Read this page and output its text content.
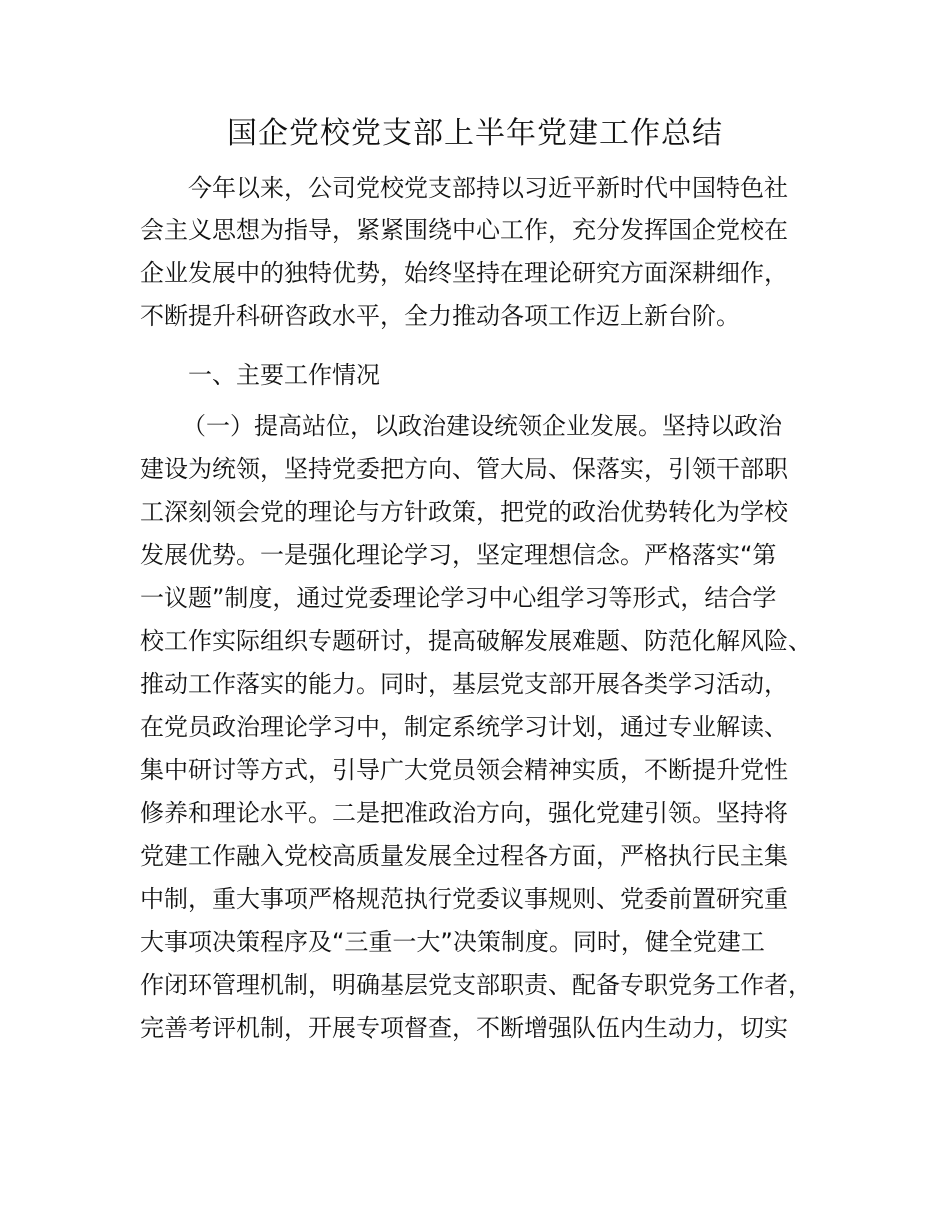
国企党校党支部上半年党建工作总结
今年以来，公司党校党支部持以习近平新时代中国特色社
会主义思想为指导，紧紧围绕中心工作，充分发挥国企党校在
企业发展中的独特优势，始终坚持在理论研究方面深耕细作，
不断提升科研咨政水平，全力推动各项工作迈上新台阶。
一、主要工作情况
（一）提高站位，以政治建设统领企业发展。坚持以政治
建设为统领，坚持党委把方向、管大局、保落实，引领干部职
工深刻领会党的理论与方针政策，把党的政治优势转化为学校
发展优势。一是强化理论学习，坚定理想信念。严格落实“第
一议题”制度，通过党委理论学习中心组学习等形式，结合学
校工作实际组织专题研讨，提高破解发展难题、防范化解风险、
推动工作落实的能力。同时，基层党支部开展各类学习活动，
在党员政治理论学习中，制定系统学习计划，通过专业解读、
集中研讨等方式，引导广大党员领会精神实质，不断提升党性
修养和理论水平。二是把准政治方向，强化党建引领。坚持将
党建工作融入党校高质量发展全过程各方面，严格执行民主集
中制，重大事项严格规范执行党委议事规则、党委前置研究重
大事项决策程序及“三重一大”决策制度。同时，健全党建工
作闭环管理机制，明确基层党支部职责、配备专职党务工作者，
完善考评机制，开展专项督查，不断增强队伍内生动力，切实
